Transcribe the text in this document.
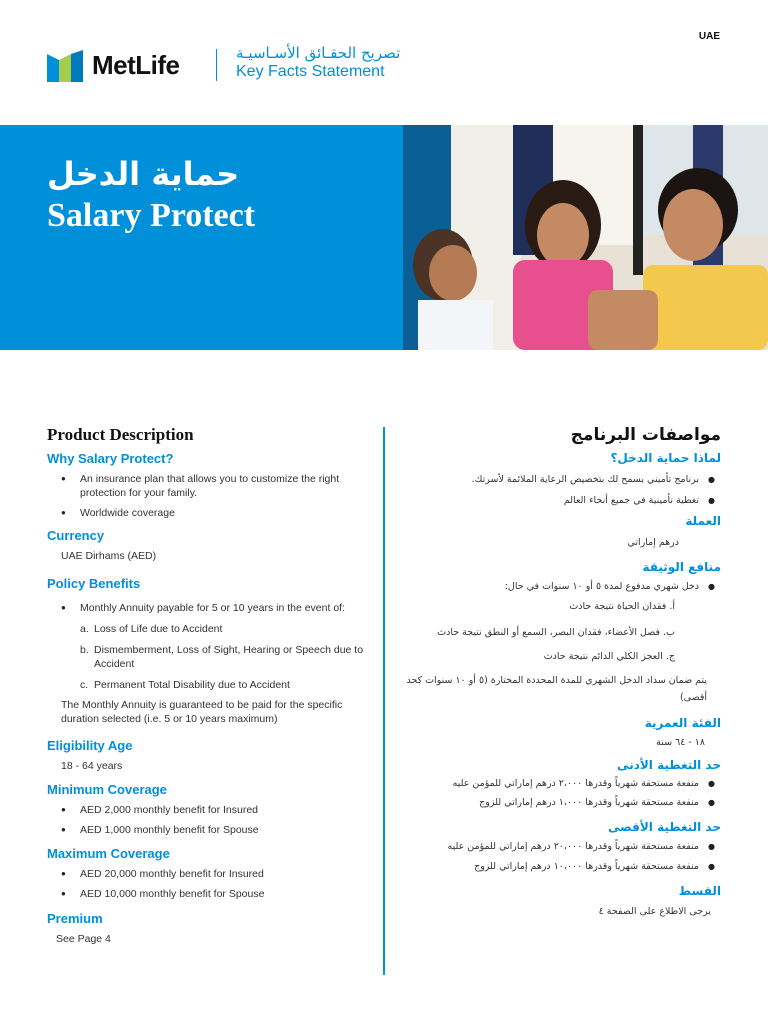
MetLife	تصريح الحقـائق الأسـاسيـة
Key Facts Statement
UAE
حماية الدخل
Salary Protect
Product Description
Why Salary Protect?
● An insurance plan that allows you to customize the right protection for your family.
● Worldwide coverage
Currency
UAE Dirhams (AED)
Policy Benefits
● Monthly Annuity payable for 5 or 10 years in the event of:
a. Loss of Life due to Accident
b. Dismemberment, Loss of Sight, Hearing or Speech due to Accident
c. Permanent Total Disability due to Accident
The Monthly Annuity is guaranteed to be paid for the specific duration selected (i.e. 5 or 10 years maximum)
Eligibility Age
18 - 64 years
Minimum Coverage
● AED 2,000 monthly benefit for Insured
● AED 1,000 monthly benefit for Spouse
Maximum Coverage
● AED 20,000 monthly benefit for Insured
● AED 10,000 monthly benefit for Spouse
Premium
See Page 4
مواصفات البرنامج
لماذا حماية الدخل؟
● برنامج تأميني يسمح لك بتخصيص الرعاية الملائمة لأسرتك.
● تغطية تأمينية في جميع أنحاء العالم
العملة
درهم إماراتي
منافع الوثيقة
● دخل شهري مدفوع لمدة ٥ أو ١٠ سنوات في حال:
أ. فقدان الحياة نتيجة حادث
ب. فصل الأعضاء، فقدان البصر، السمع أو النطق نتيجة حادث
ج. العجز الكلي الدائم نتيجة حادث
يتم ضمان سداد الدخل الشهري للمدة المحددة المختارة (٥ أو ١٠ سنوات كحد أقصى)
الفئة العمرية
١٨ - ٦٤ سنة
حد التغطية الأدنى
● منفعة مستحقة شهرياً وقدرها ٢،٠٠٠ درهم إماراتي للمؤمن عليه
● منفعة مستحقة شهرياً وقدرها ١،٠٠٠ درهم إماراتي للزوج
حد التغطية الأقصى
● منفعة مستحقة شهرياً وقدرها ٢٠،٠٠٠ درهم إماراتي للمؤمن عليه
● منفعة مستحقة شهرياً وقدرها ١٠،٠٠٠ درهم إماراتي للزوج
القسط
يرجى الاطلاع على الصفحة ٤
